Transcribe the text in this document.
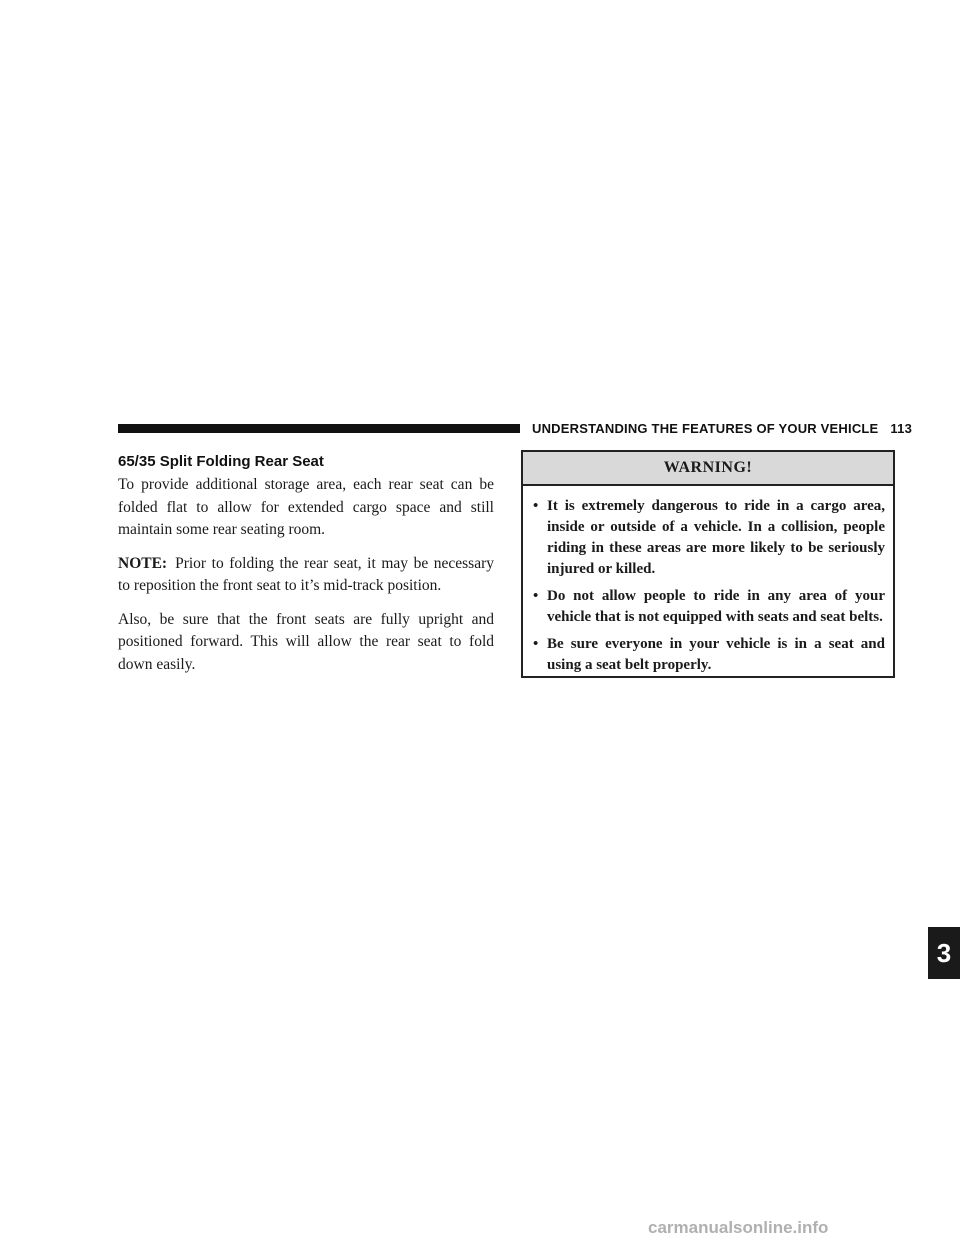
UNDERSTANDING THE FEATURES OF YOUR VEHICLE 113
65/35 Split Folding Rear Seat

To provide additional storage area, each rear seat can be folded flat to allow for extended cargo space and still maintain some rear seating room.

NOTE: Prior to folding the rear seat, it may be necessary to reposition the front seat to it’s mid-track position.

Also, be sure that the front seats are fully upright and positioned forward. This will allow the rear seat to fold down easily.

WARNING!
• It is extremely dangerous to ride in a cargo area, inside or outside of a vehicle. In a collision, people riding in these areas are more likely to be seriously injured or killed.
• Do not allow people to ride in any area of your vehicle that is not equipped with seats and seat belts.
• Be sure everyone in your vehicle is in a seat and using a seat belt properly.
3
carmanualsonline.info
